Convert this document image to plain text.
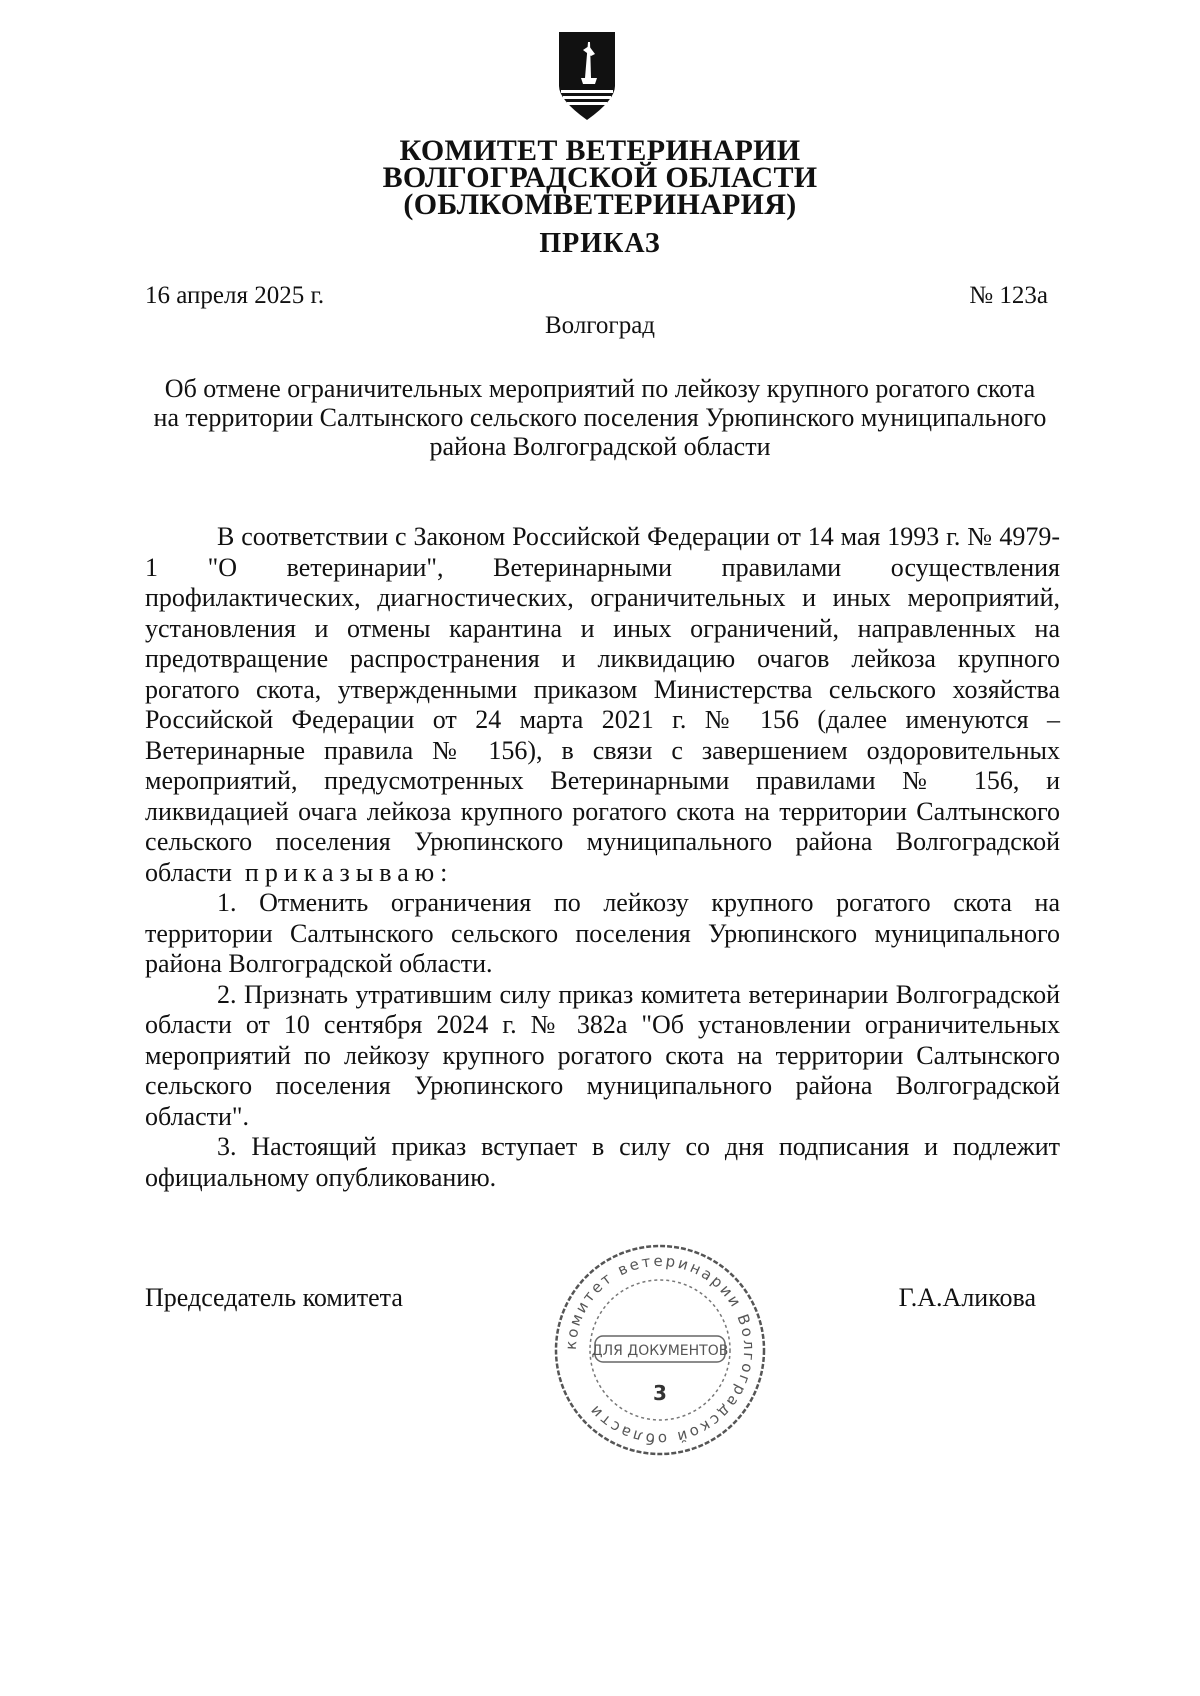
КОМИТЕТ ВЕТЕРИНАРИИ
ВОЛГОГРАДСКОЙ ОБЛАСТИ
(ОБЛКОМВЕТЕРИНАРИЯ)
ПРИКАЗ
16 апреля 2025 г.	№ 123а
Волгоград
Об отмене ограничительных мероприятий по лейкозу крупного рогатого скота на территории Салтынского сельского поселения Урюпинского муниципального района Волгоградской области

В соответствии с Законом Российской Федерации от 14 мая 1993 г. № 4979-1 "О ветеринарии", Ветеринарными правилами осуществления профилактических, диагностических, ограничительных и иных мероприятий, установления и отмены карантина и иных ограничений, направленных на предотвращение распространения и ликвидацию очагов лейкоза крупного рогатого скота, утвержденными приказом Министерства сельского хозяйства Российской Федерации от 24 марта 2021 г. № 156 (далее именуются – Ветеринарные правила № 156), в связи с завершением оздоровительных мероприятий, предусмотренных Ветеринарными правилами № 156, и ликвидацией очага лейкоза крупного рогатого скота на территории Салтынского сельского поселения Урюпинского муниципального района Волгоградской области приказываю:

1. Отменить ограничения по лейкозу крупного рогатого скота на территории Салтынского сельского поселения Урюпинского муниципального района Волгоградской области.

2. Признать утратившим силу приказ комитета ветеринарии Волгоградской области от 10 сентября 2024 г. № 382а "Об установлении ограничительных мероприятий по лейкозу крупного рогатого скота на территории Салтынского сельского поселения Урюпинского муниципального района Волгоградской области".

3. Настоящий приказ вступает в силу со дня подписания и подлежит официальному опубликованию.

Председатель комитета	Г.А.Аликова
комитет ветеринарии Волгоградской области
ДЛЯ ДОКУМЕНТОВ
3
